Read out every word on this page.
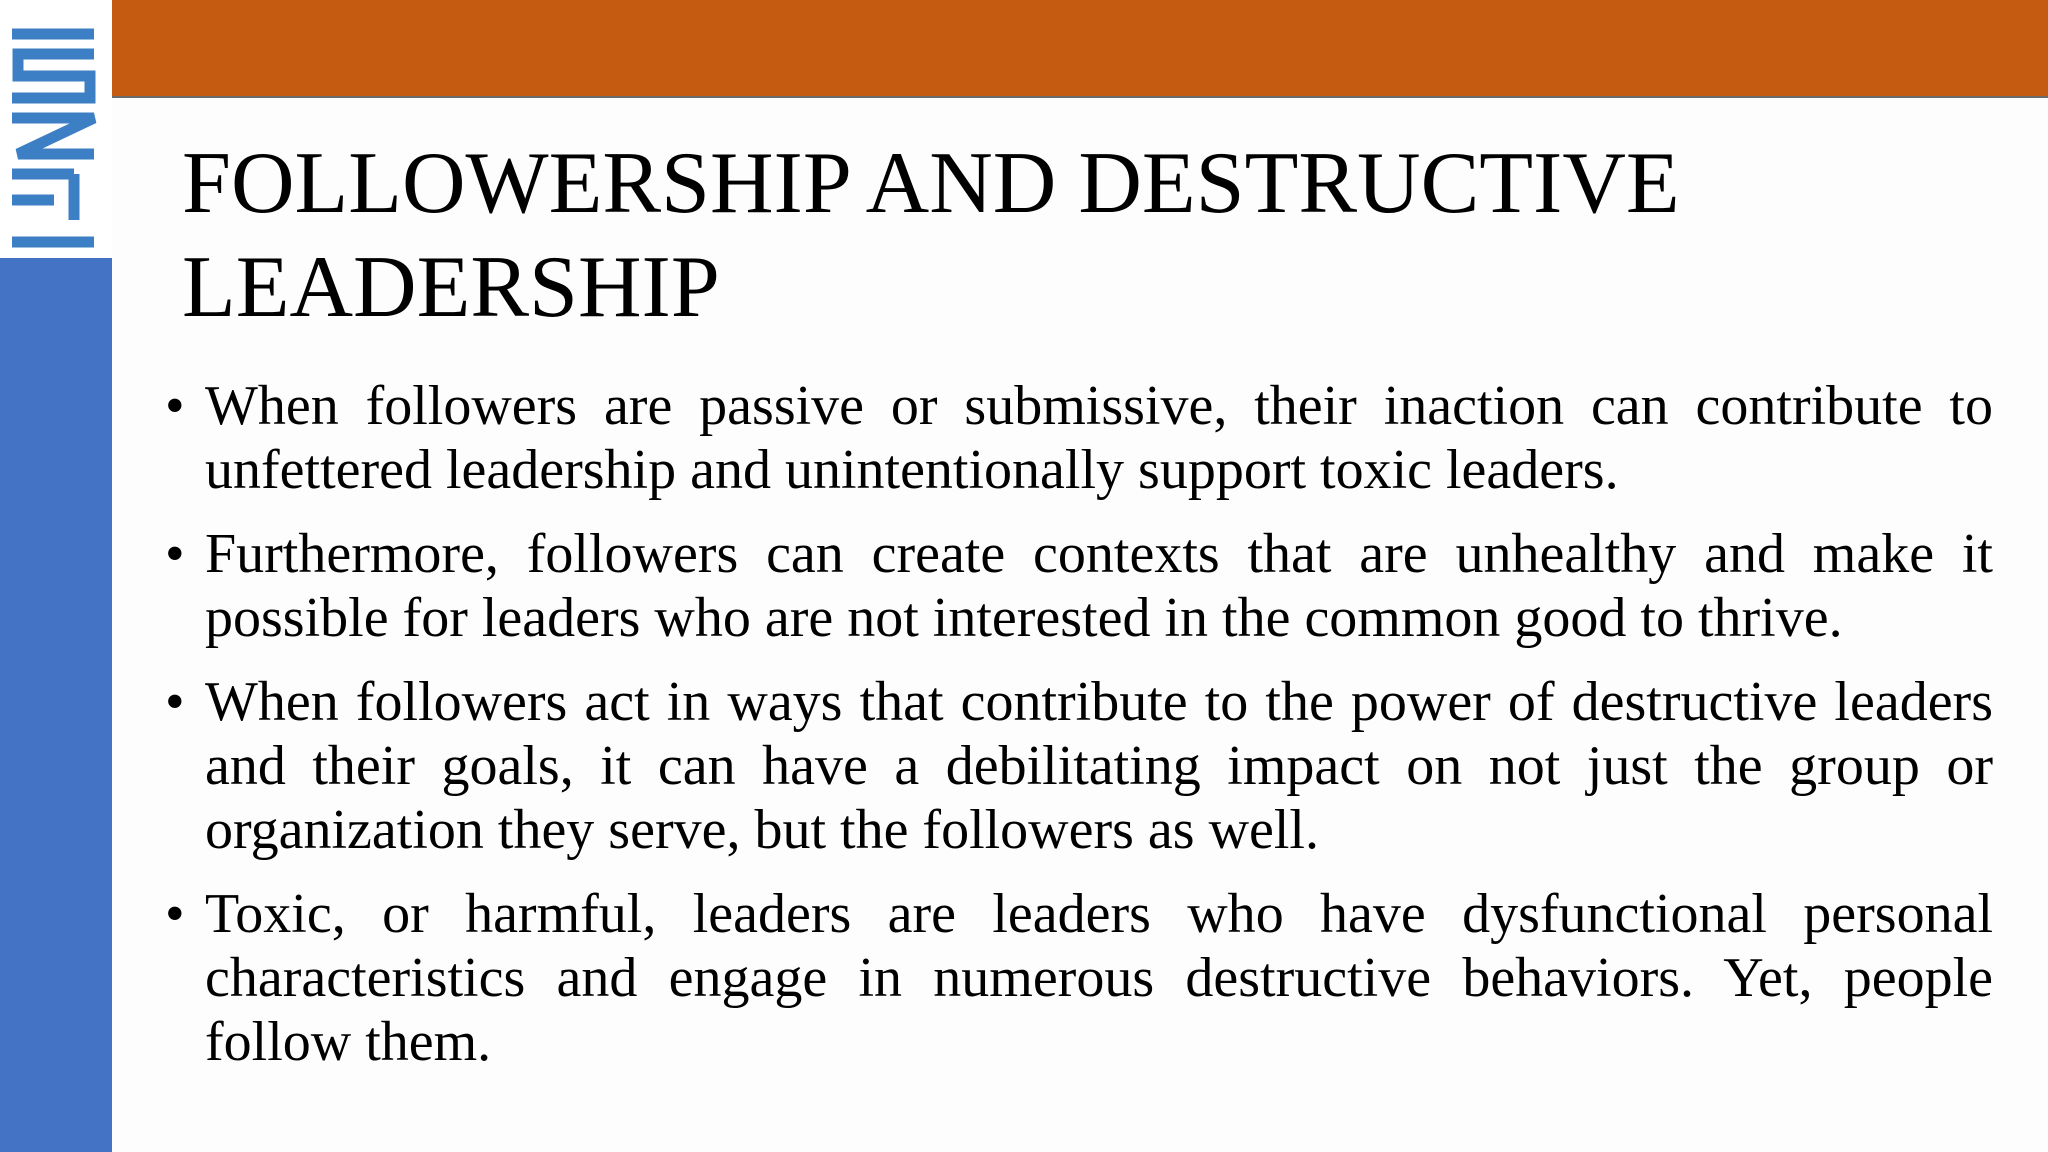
FOLLOWERSHIP AND DESTRUCTIVE LEADERSHIP
• When followers are passive or submissive, their inaction can contribute to unfettered leadership and unintentionally support toxic leaders.
• Furthermore, followers can create contexts that are unhealthy and make it possible for leaders who are not interested in the common good to thrive.
• When followers act in ways that contribute to the power of destructive leaders and their goals, it can have a debilitating impact on not just the group or organization they serve, but the followers as well.
• Toxic, or harmful, leaders are leaders who have dysfunctional personal characteristics and engage in numerous destructive behaviors. Yet, people follow them.
